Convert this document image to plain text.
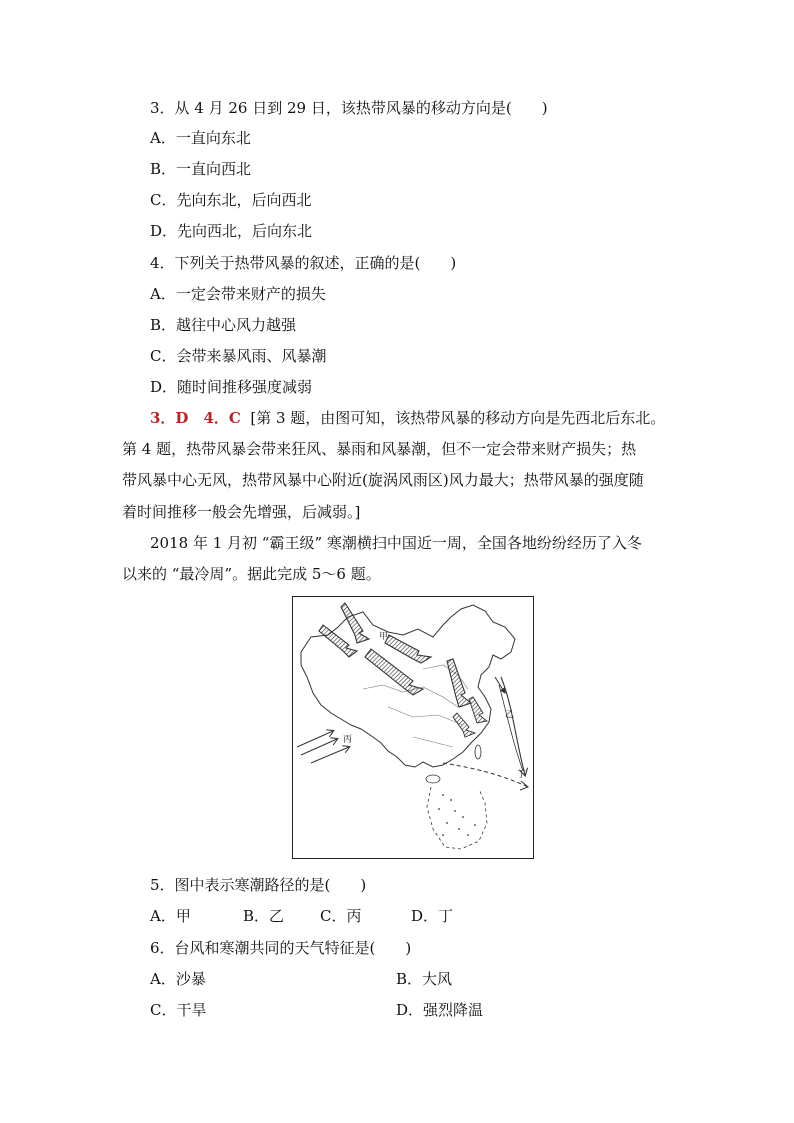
3．从 4 月 26 日到 29 日，该热带风暴的移动方向是(　　)
A．一直向东北
B．一直向西北
C．先向东北，后向西北
D．先向西北，后向东北
4．下列关于热带风暴的叙述，正确的是(　　)
A．一定会带来财产的损失
B．越往中心风力越强
C．会带来暴风雨、风暴潮
D．随时间推移强度减弱
3．D　4．C [第 3 题，由图可知，该热带风暴的移动方向是先西北后东北。
第 4 题，热带风暴会带来狂风、暴雨和风暴潮，但不一定会带来财产损失；热
带风暴中心无风，热带风暴中心附近(旋涡风雨区)风力最大；热带风暴的强度随
着时间推移一般会先增强，后减弱。]
2018 年 1 月初 “霸王级” 寒潮横扫中国近一周，全国各地纷纷经历了入冬
以来的 “最冷周”。据此完成 5～6 题。
甲
乙
丙
丁
5．图中表示寒潮路径的是(　　)
A．甲	B．乙 C．丙	D．丁
6．台风和寒潮共同的天气特征是(　　)
A．沙暴	B．大风
C．干旱	D．强烈降温
